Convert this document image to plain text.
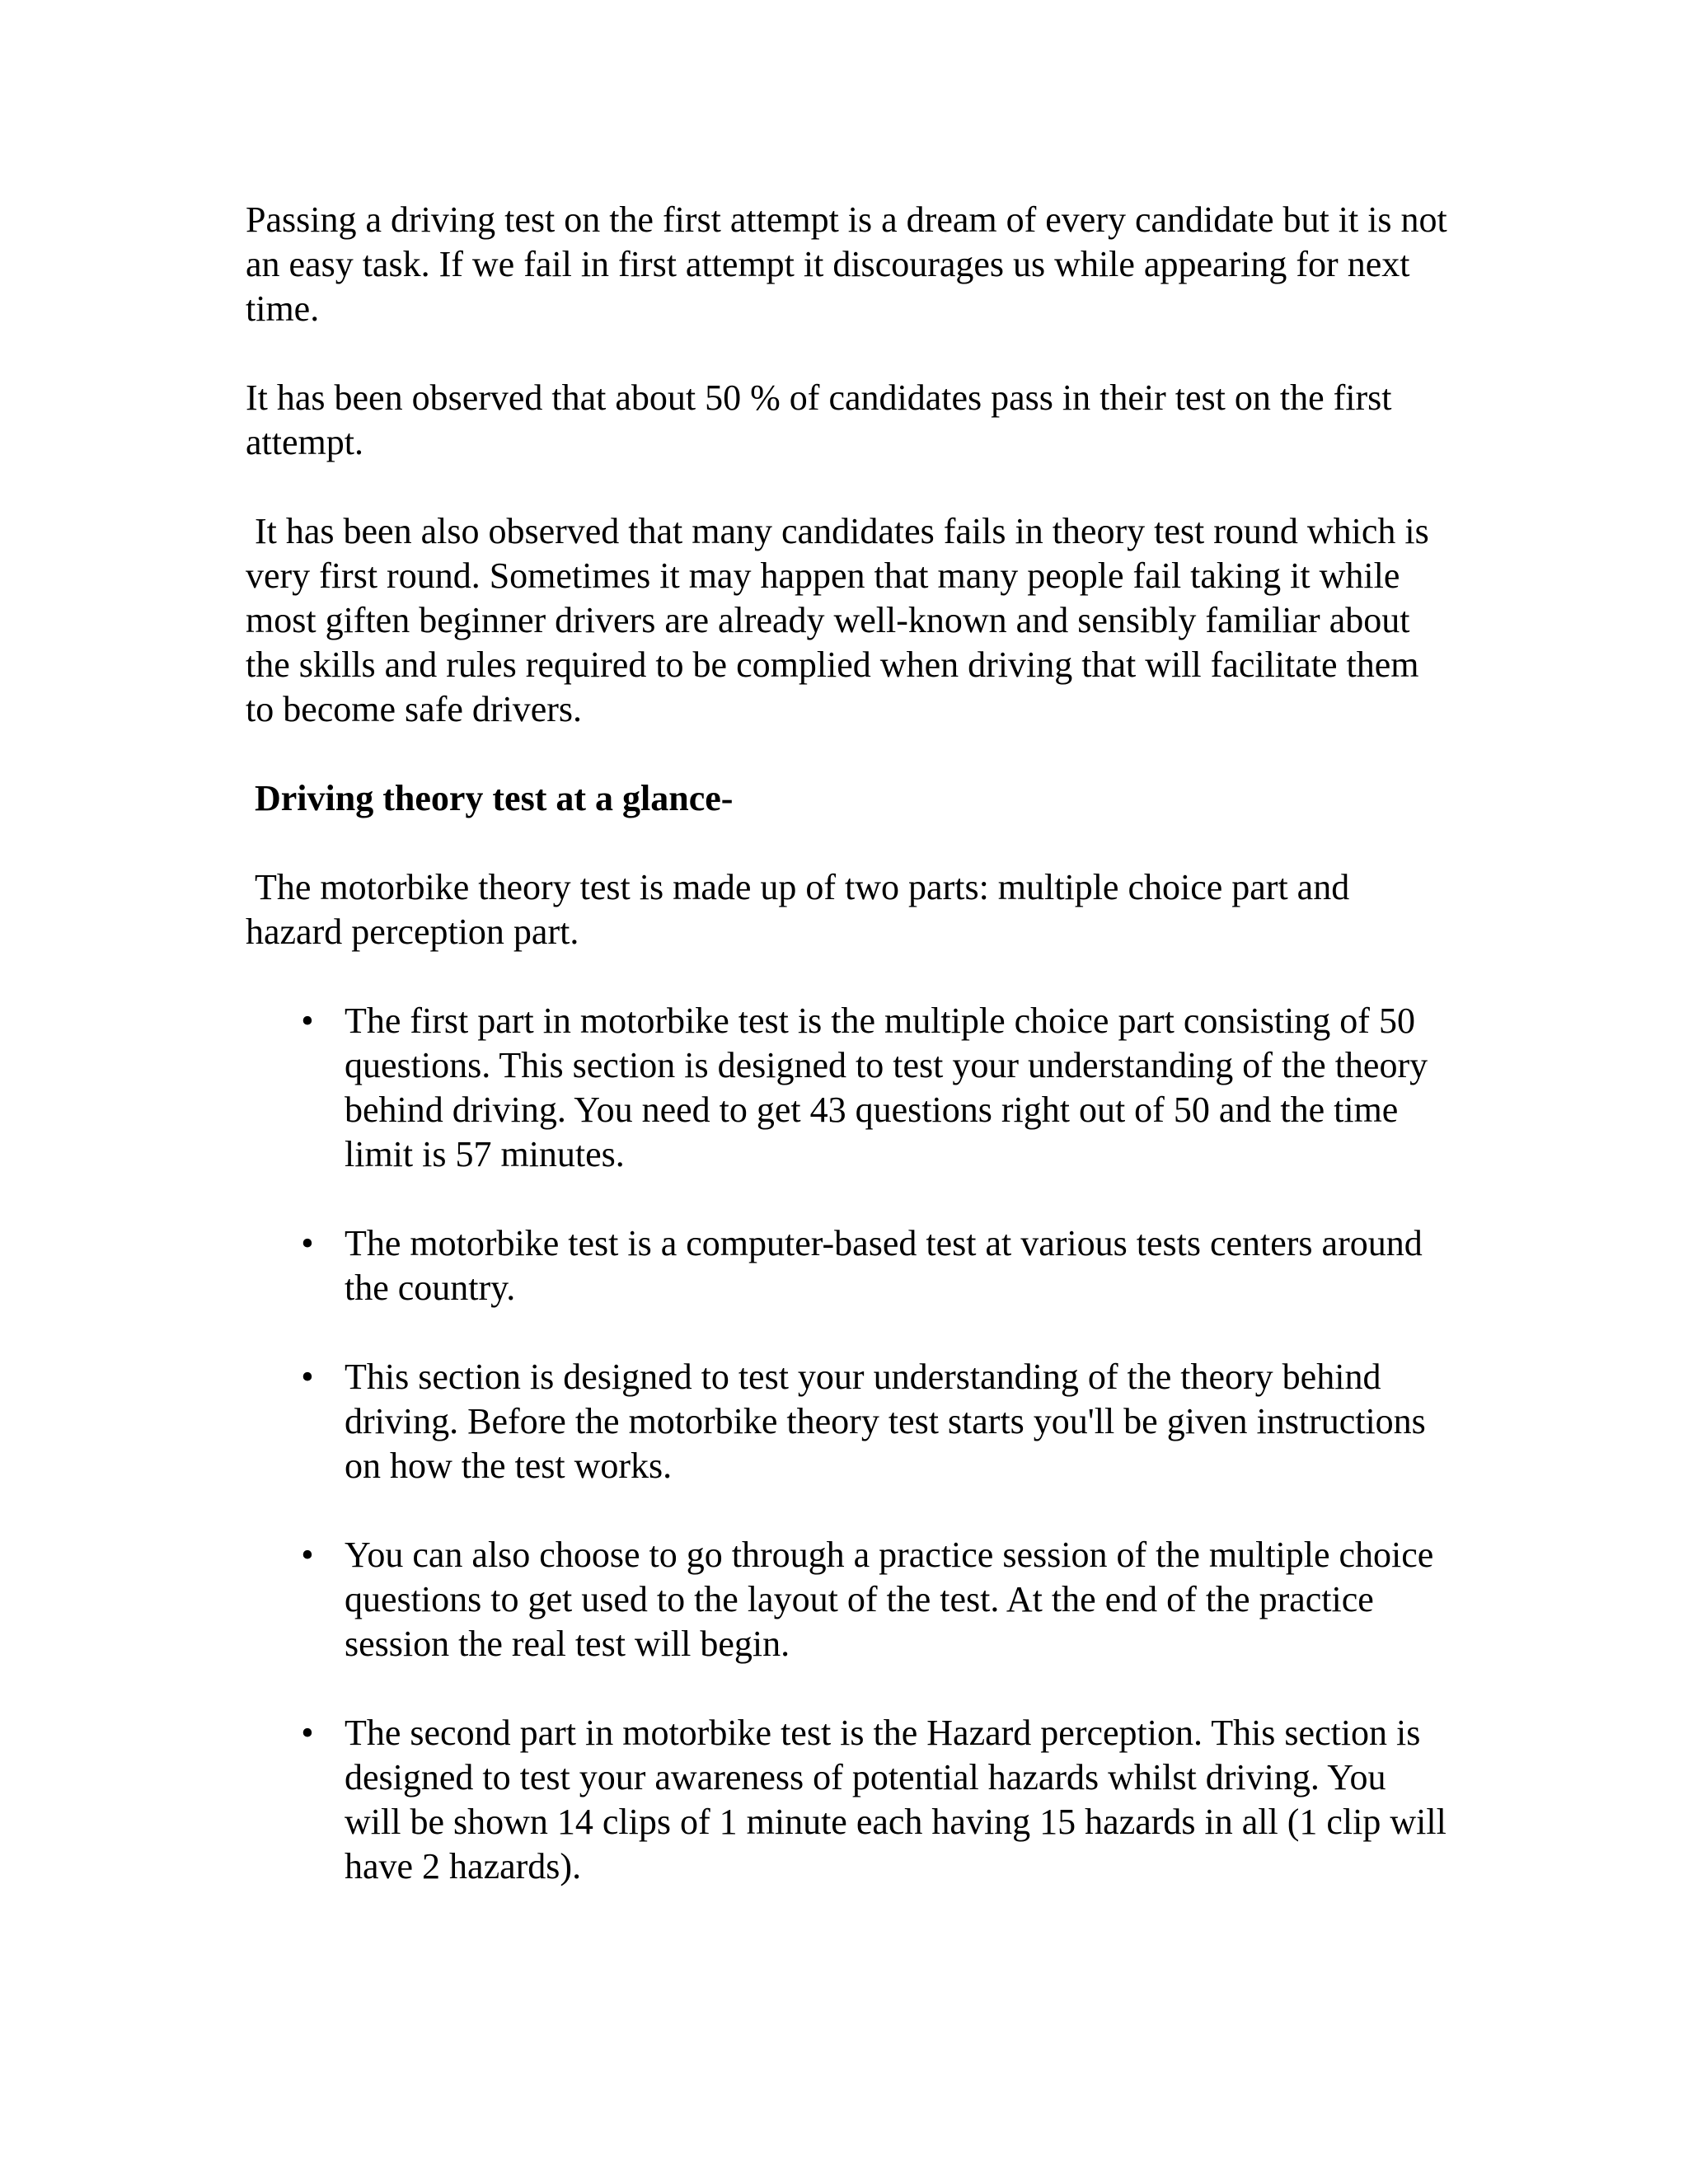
Passing a driving test on the first attempt is a dream of every candidate but it is not an easy task. If we fail in first attempt it discourages us while appearing for next time.

It has been observed that about 50 % of candidates pass in their test on the first attempt.

It has been also observed that many candidates fails in theory test round which is very first round. Sometimes it may happen that many people fail taking it while most giften beginner drivers are already well-known and sensibly familiar about the skills and rules required to be complied when driving that will facilitate them to become safe drivers.

Driving theory test at a glance-

The motorbike theory test is made up of two parts: multiple choice part and hazard perception part.

• The first part in motorbike test is the multiple choice part consisting of 50 questions. This section is designed to test your understanding of the theory behind driving. You need to get 43 questions right out of 50 and the time limit is 57 minutes.
• The motorbike test is a computer-based test at various tests centers around the country.
• This section is designed to test your understanding of the theory behind driving. Before the motorbike theory test starts you'll be given instructions on how the test works.
• You can also choose to go through a practice session of the multiple choice questions to get used to the layout of the test. At the end of the practice session the real test will begin.
• The second part in motorbike test is the Hazard perception. This section is designed to test your awareness of potential hazards whilst driving. You will be shown 14 clips of 1 minute each having 15 hazards in all (1 clip will have 2 hazards).
